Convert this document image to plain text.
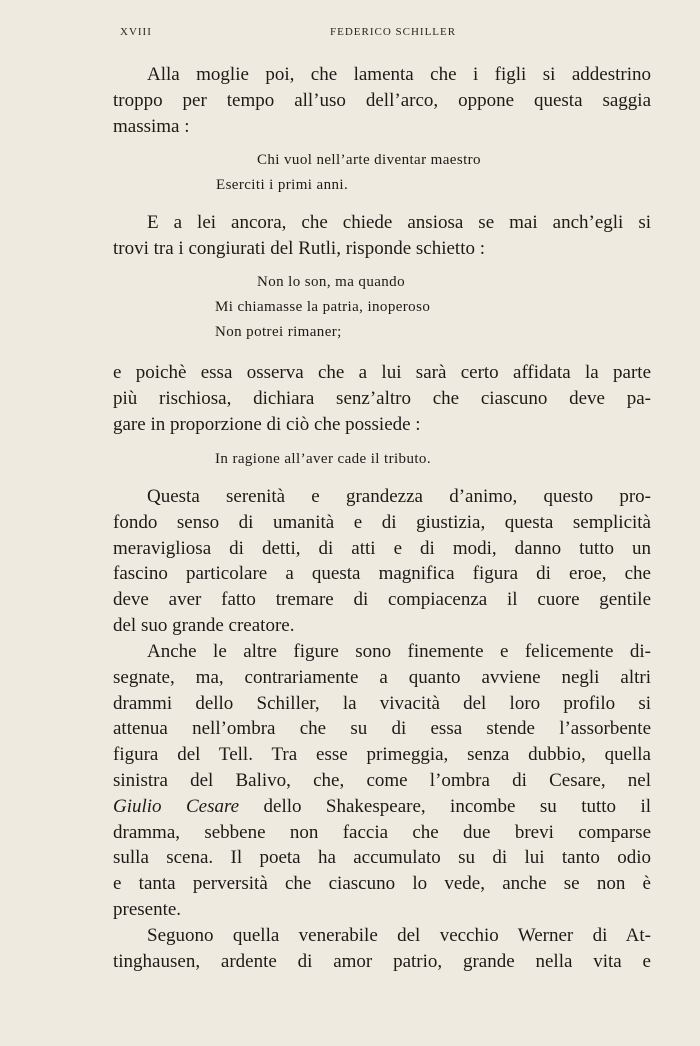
XVIII	FEDERICO SCHILLER
Alla moglie poi, che lamenta che i figli si addestrino
troppo per tempo all’uso dell’arco, oppone questa saggia
massima :
Chi vuol nell’arte diventar maestro
Eserciti i primi anni.
E a lei ancora, che chiede ansiosa se mai anch’egli si
trovi tra i congiurati del Rutli, risponde schietto :
Non lo son, ma quando
Mi chiamasse la patria, inoperoso
Non potrei rimaner;
e poichè essa osserva che a lui sarà certo affidata la parte
più rischiosa, dichiara senz’altro che ciascuno deve pa-
gare in proporzione di ciò che possiede :
In ragione all’aver cade il tributo.
Questa serenità e grandezza d’animo, questo pro-
fondo senso di umanità e di giustizia, questa semplicità
meravigliosa di detti, di atti e di modi, danno tutto un
fascino particolare a questa magnifica figura di eroe, che
deve aver fatto tremare di compiacenza il cuore gentile
del suo grande creatore.
Anche le altre figure sono finemente e felicemente di-
segnate, ma, contrariamente a quanto avviene negli altri
drammi dello Schiller, la vivacità del loro profilo si
attenua nell’ombra che su di essa stende l’assorbente
figura del Tell. Tra esse primeggia, senza dubbio, quella
sinistra del Balivo, che, come l’ombra di Cesare, nel
Giulio Cesare dello Shakespeare, incombe su tutto il
dramma, sebbene non faccia che due brevi comparse
sulla scena. Il poeta ha accumulato su di lui tanto odio
e tanta perversità che ciascuno lo vede, anche se non è
presente.
Seguono quella venerabile del vecchio Werner di At-
tinghausen, ardente di amor patrio, grande nella vita e
